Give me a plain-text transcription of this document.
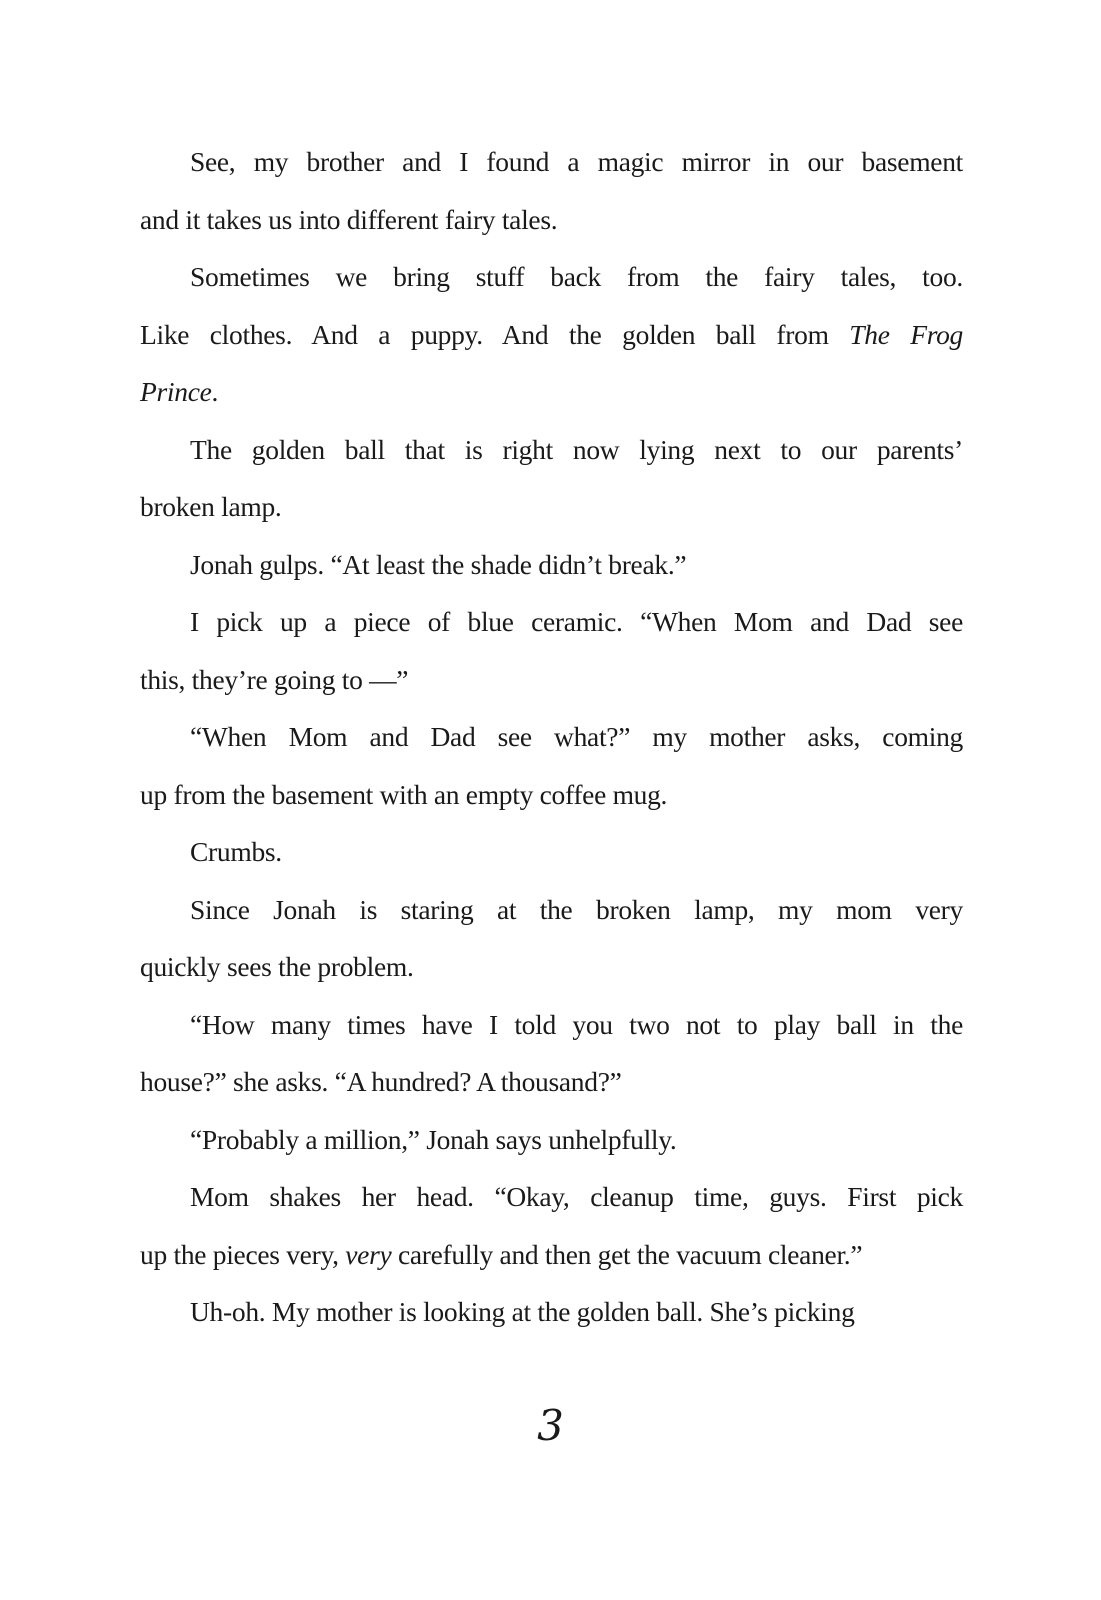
See, my brother and I found a magic mirror in our basement
and it takes us into different fairy tales.
Sometimes we bring stuff back from the fairy tales, too.
Like clothes. And a puppy. And the golden ball from The Frog
Prince.
The golden ball that is right now lying next to our parents’
broken lamp.
Jonah gulps. “At least the shade didn’t break.”
I pick up a piece of blue ceramic. “When Mom and Dad see
this, they’re going to —”
“When Mom and Dad see what?” my mother asks, coming
up from the basement with an empty coffee mug.
Crumbs.
Since Jonah is staring at the broken lamp, my mom very
quickly sees the problem.
“How many times have I told you two not to play ball in the
house?” she asks. “A hundred? A thousand?”
“Probably a million,” Jonah says unhelpfully.
Mom shakes her head. “Okay, cleanup time, guys. First pick
up the pieces very, very carefully and then get the vacuum cleaner.”
Uh-oh. My mother is looking at the golden ball. She’s picking
3
